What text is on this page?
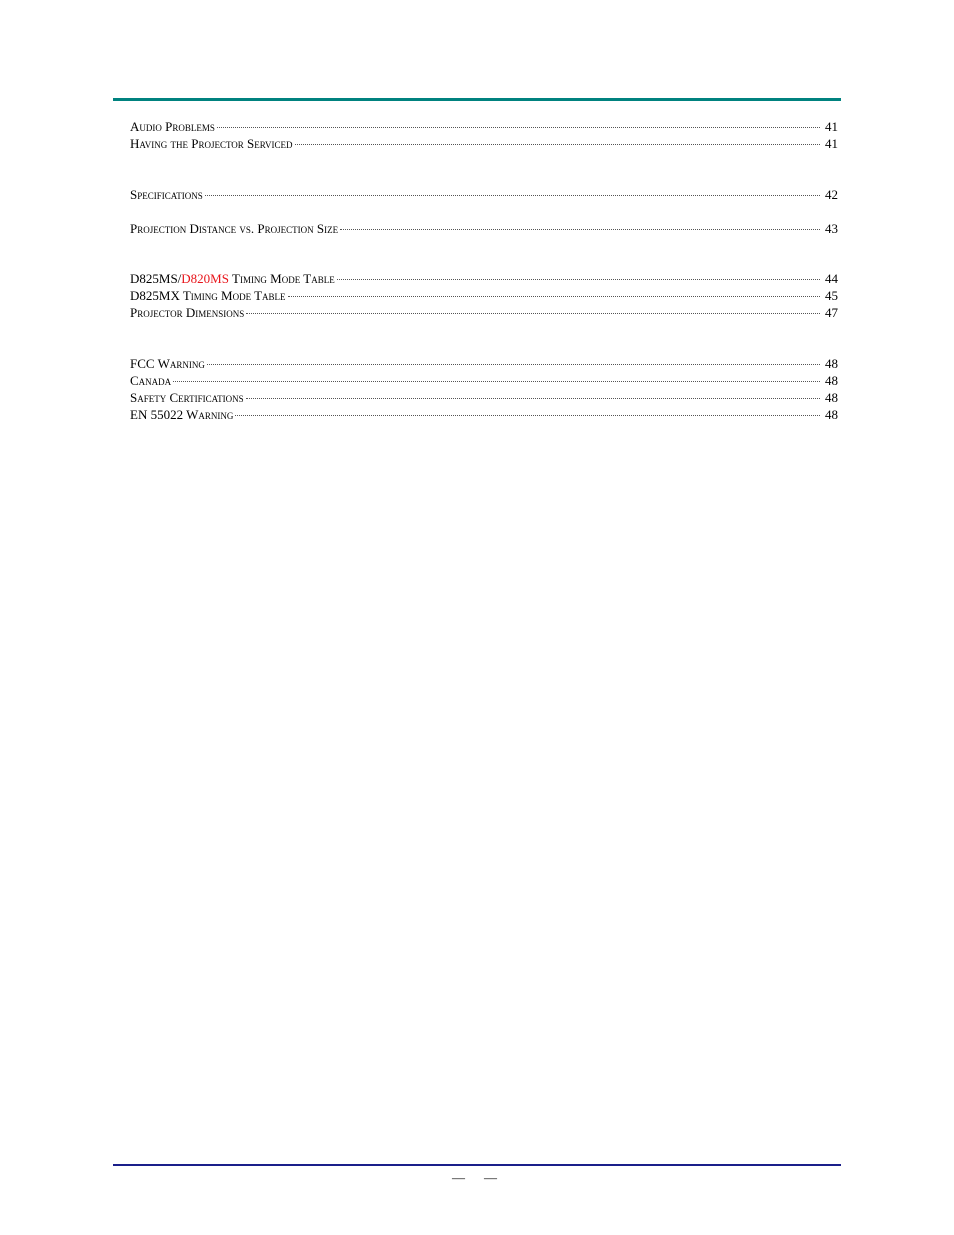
Audio Problems	41
Having the Projector Serviced	41
Specifications	42
Projection Distance vs. Projection Size	43
D825MS/D820MS Timing Mode Table	44
D825MX Timing Mode Table	45
Projector Dimensions	47
FCC Warning	48
Canada	48
Safety Certifications	48
EN 55022 Warning	48
— —
